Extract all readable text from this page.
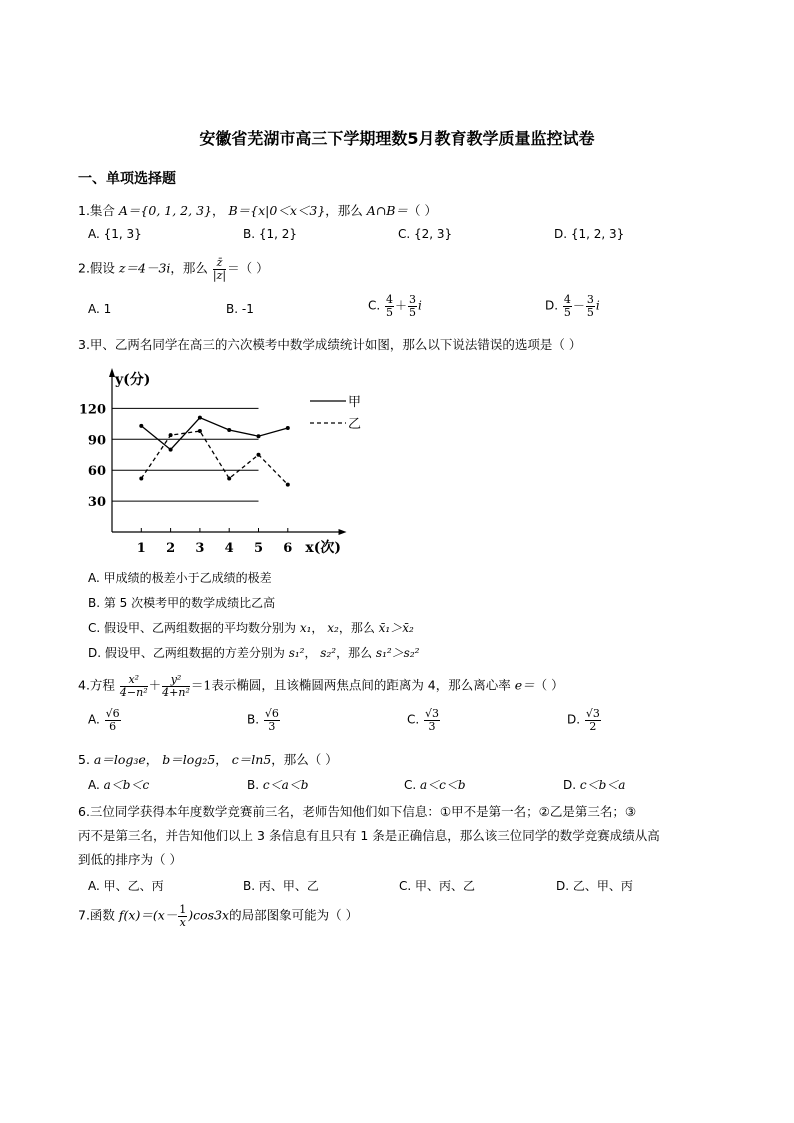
安徽省芜湖市高三下学期理数5月教育教学质量监控试卷
一、单项选择题
1.集合 A＝{0, 1, 2, 3}， B＝{x|0＜x＜3}，那么 A∩B＝（ ）
A. {1, 3}	B. {1, 2}	C. {2, 3}	D. {1, 2, 3}
2.假设 z＝4－3i，那么 $\frac{z̄}{|z|}$ ＝（ ）
A. 1	B. -1	C. $\frac{4}{5} + \frac{3}{5}$ i	D. $\frac{4}{5} - \frac{3}{5}$ i
3.甲、乙两名同学在高三的六次模考中数学成绩统计如图，那么以下说法错误的选项是（ ）
30
60
90
120
y(分)
x(次)
1 2 3 4 5 6
甲
乙
A. 甲成绩的极差小于乙成绩的极差
B. 第 5 次模考甲的数学成绩比乙高
C. 假设甲、乙两组数据的平均数分别为 x₁， x₂，那么 x̄₁＞x̄₂
D. 假设甲、乙两组数据的方差分别为 s₁²， s₂²，那么 s₁²＞s₂²
4.方程 $\frac{\text{x²}}{\text{4−n²}} + \frac{\text{y²}}{\text{4+n²}} =1$表示椭圆，且该椭圆两焦点间的距离为 4，那么离心率 e＝（ ）
A. $\frac{√6}{6}$	B. $\frac{√6}{3}$	C. $\frac{√3}{3}$	D. $\frac{√3}{2}$
5. a＝log₃e， b＝log₂5， c＝ln5，那么（ ）
A. a＜b＜c	B. c＜a＜b	C. a＜c＜b	D. c＜b＜a
6.三位同学获得本年度数学竞赛前三名，老师告知他们如下信息：①甲不是第一名；②乙是第三名；③
丙不是第三名，并告知他们以上 3 条信息有且只有 1 条是正确信息，那么该三位同学的数学竞赛成绩从高
到低的排序为（ ）
A. 甲、乙、丙	B. 丙、甲、乙	C. 甲、丙、乙	D. 乙、甲、丙
7.函数 $f(x)=(x- \frac{1}{x} )\cos 3x$的局部图象可能为（ ）
